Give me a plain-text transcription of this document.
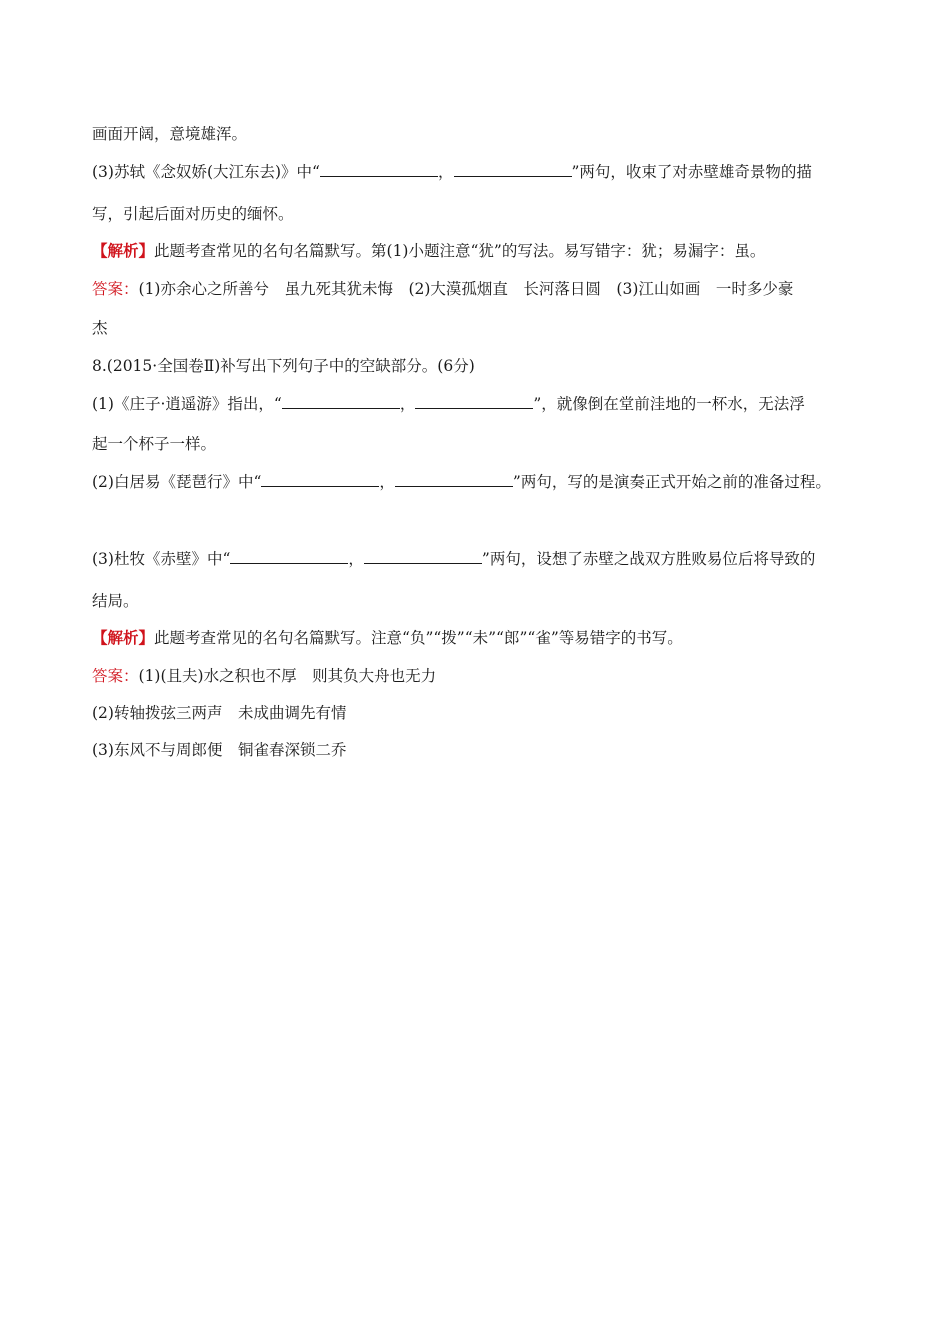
画面开阔，意境雄浑。
(3)苏轼《念奴娇(大江东去)》中“	，	”两句，收束了对赤壁雄奇景物的描
写，引起后面对历史的缅怀。
【解析】此题考查常见的名句名篇默写。第(1)小题注意“犹”的写法。易写错字：犹；易漏字：虽。
答案：(1)亦余心之所善兮　虽九死其犹未悔　(2)大漠孤烟直　长河落日圆　(3)江山如画　一时多少豪
杰
8.(2015·全国卷Ⅱ)补写出下列句子中的空缺部分。(6分)
(1)《庄子·逍遥游》指出，“	，	”，就像倒在堂前洼地的一杯水，无法浮
起一个杯子一样。
(2)白居易《琵琶行》中“	，	”两句，写的是演奏正式开始之前的准备过程。
(3)杜牧《赤壁》中“	，	”两句，设想了赤壁之战双方胜败易位后将导致的
结局。
【解析】此题考查常见的名句名篇默写。注意“负”“拨”“未”“郎”“雀”等易错字的书写。
答案：(1)(且夫)水之积也不厚　则其负大舟也无力
(2)转轴拨弦三两声　未成曲调先有情
(3)东风不与周郎便　铜雀春深锁二乔
